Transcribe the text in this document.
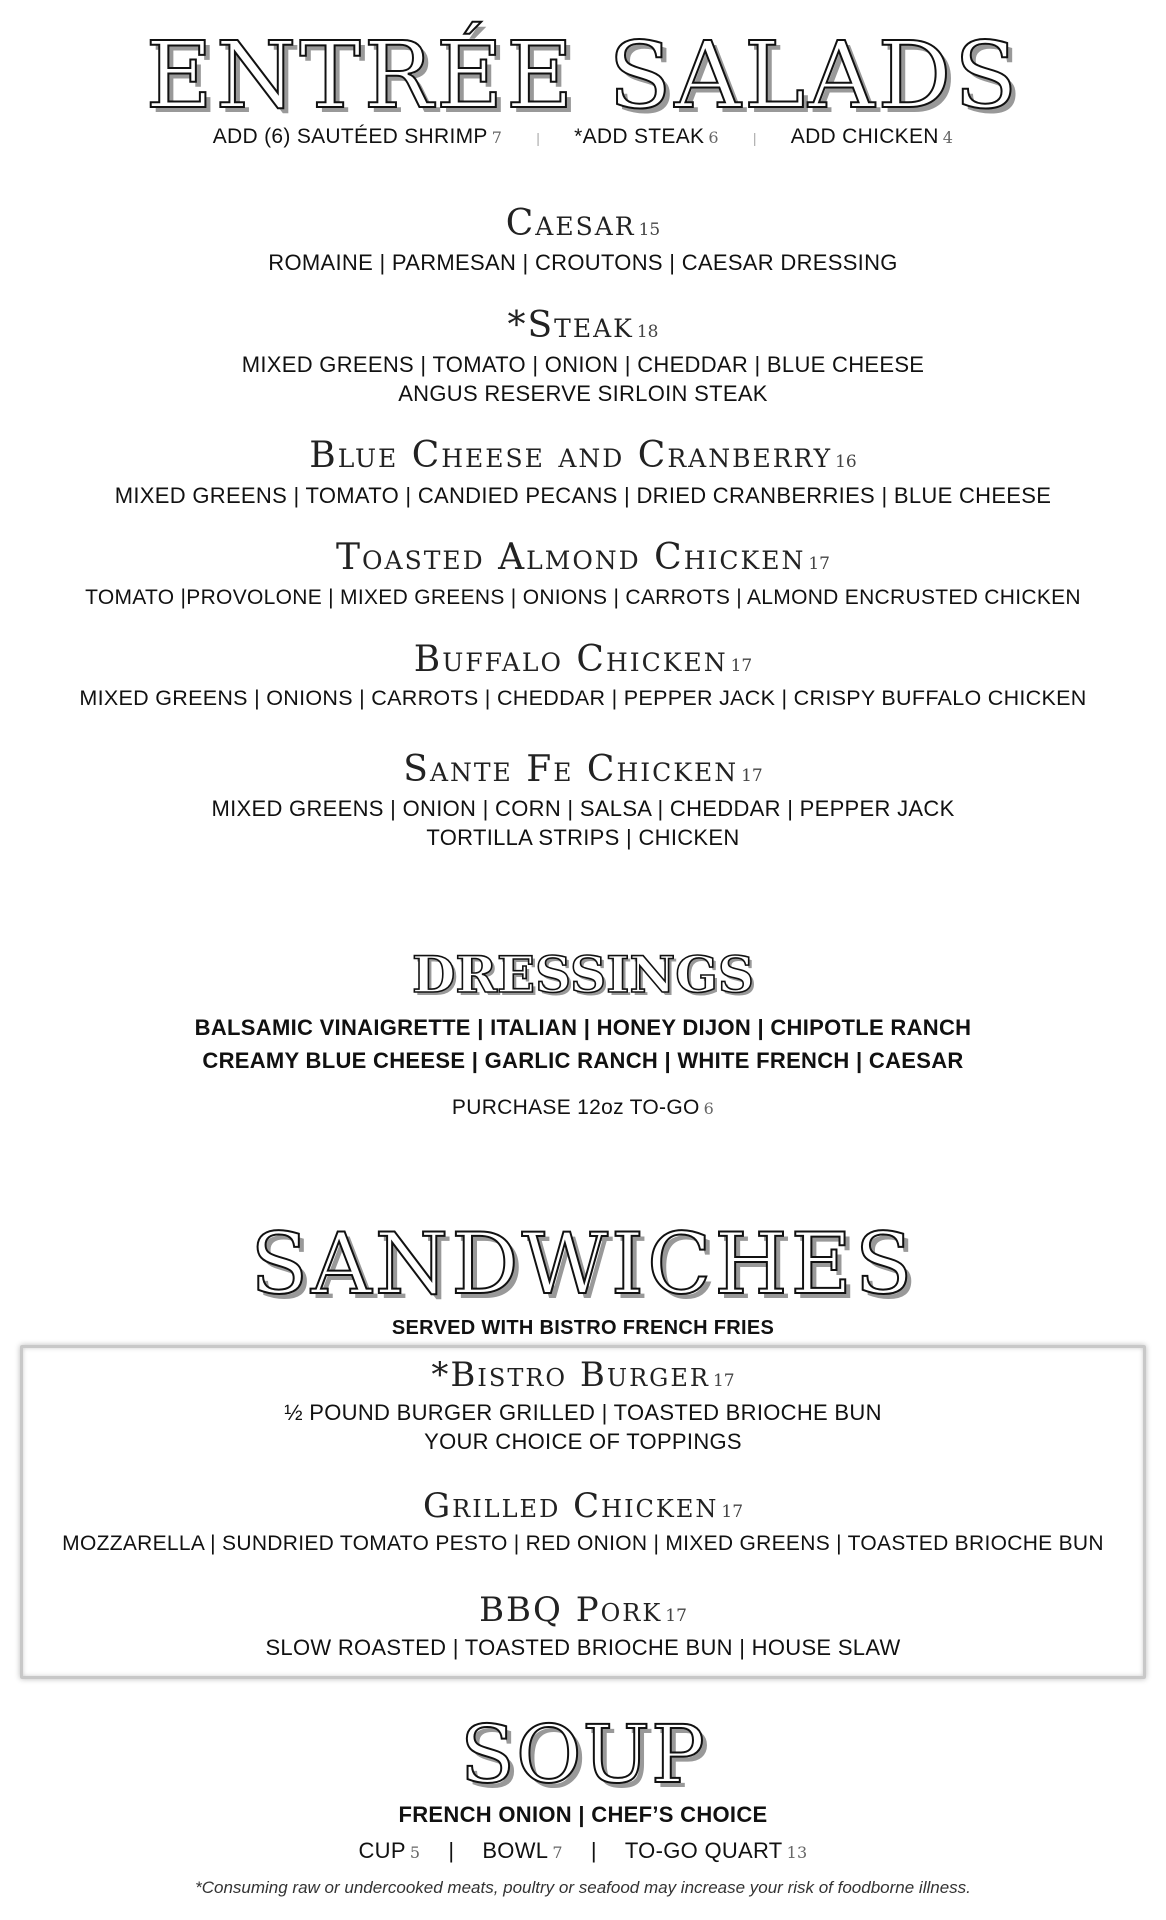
ENTRÉE SALADS
ADD (6) SAUTÉED SHRIMP 7 | *ADD STEAK 6 | ADD CHICKEN 4
Caesar 15
ROMAINE | PARMESAN | CROUTONS | CAESAR DRESSING
*Steak 18
MIXED GREENS | TOMATO | ONION | CHEDDAR | BLUE CHEESE
ANGUS RESERVE SIRLOIN STEAK
Blue Cheese and Cranberry 16
MIXED GREENS | TOMATO | CANDIED PECANS | DRIED CRANBERRIES | BLUE CHEESE
Toasted Almond Chicken 17
TOMATO |PROVOLONE | MIXED GREENS | ONIONS | CARROTS | ALMOND ENCRUSTED CHICKEN
Buffalo Chicken 17
MIXED GREENS | ONIONS | CARROTS | CHEDDAR | PEPPER JACK | CRISPY BUFFALO CHICKEN
Sante Fe Chicken 17
MIXED GREENS | ONION | CORN | SALSA | CHEDDAR | PEPPER JACK
TORTILLA STRIPS | CHICKEN
DRESSINGS
BALSAMIC VINAIGRETTE | ITALIAN | HONEY DIJON | CHIPOTLE RANCH
CREAMY BLUE CHEESE | GARLIC RANCH | WHITE FRENCH | CAESAR
PURCHASE 12oz TO-GO 6
SANDWICHES
SERVED WITH BISTRO FRENCH FRIES
*Bistro Burger 17
½ POUND BURGER GRILLED | TOASTED BRIOCHE BUN
YOUR CHOICE OF TOPPINGS
Grilled Chicken 17
MOZZARELLA | SUNDRIED TOMATO PESTO | RED ONION | MIXED GREENS | TOASTED BRIOCHE BUN
BBQ Pork 17
SLOW ROASTED | TOASTED BRIOCHE BUN | HOUSE SLAW
SOUP
FRENCH ONION | CHEF’S CHOICE
CUP 5 | BOWL 7 | TO-GO QUART 13
*Consuming raw or undercooked meats, poultry or seafood may increase your risk of foodborne illness.
